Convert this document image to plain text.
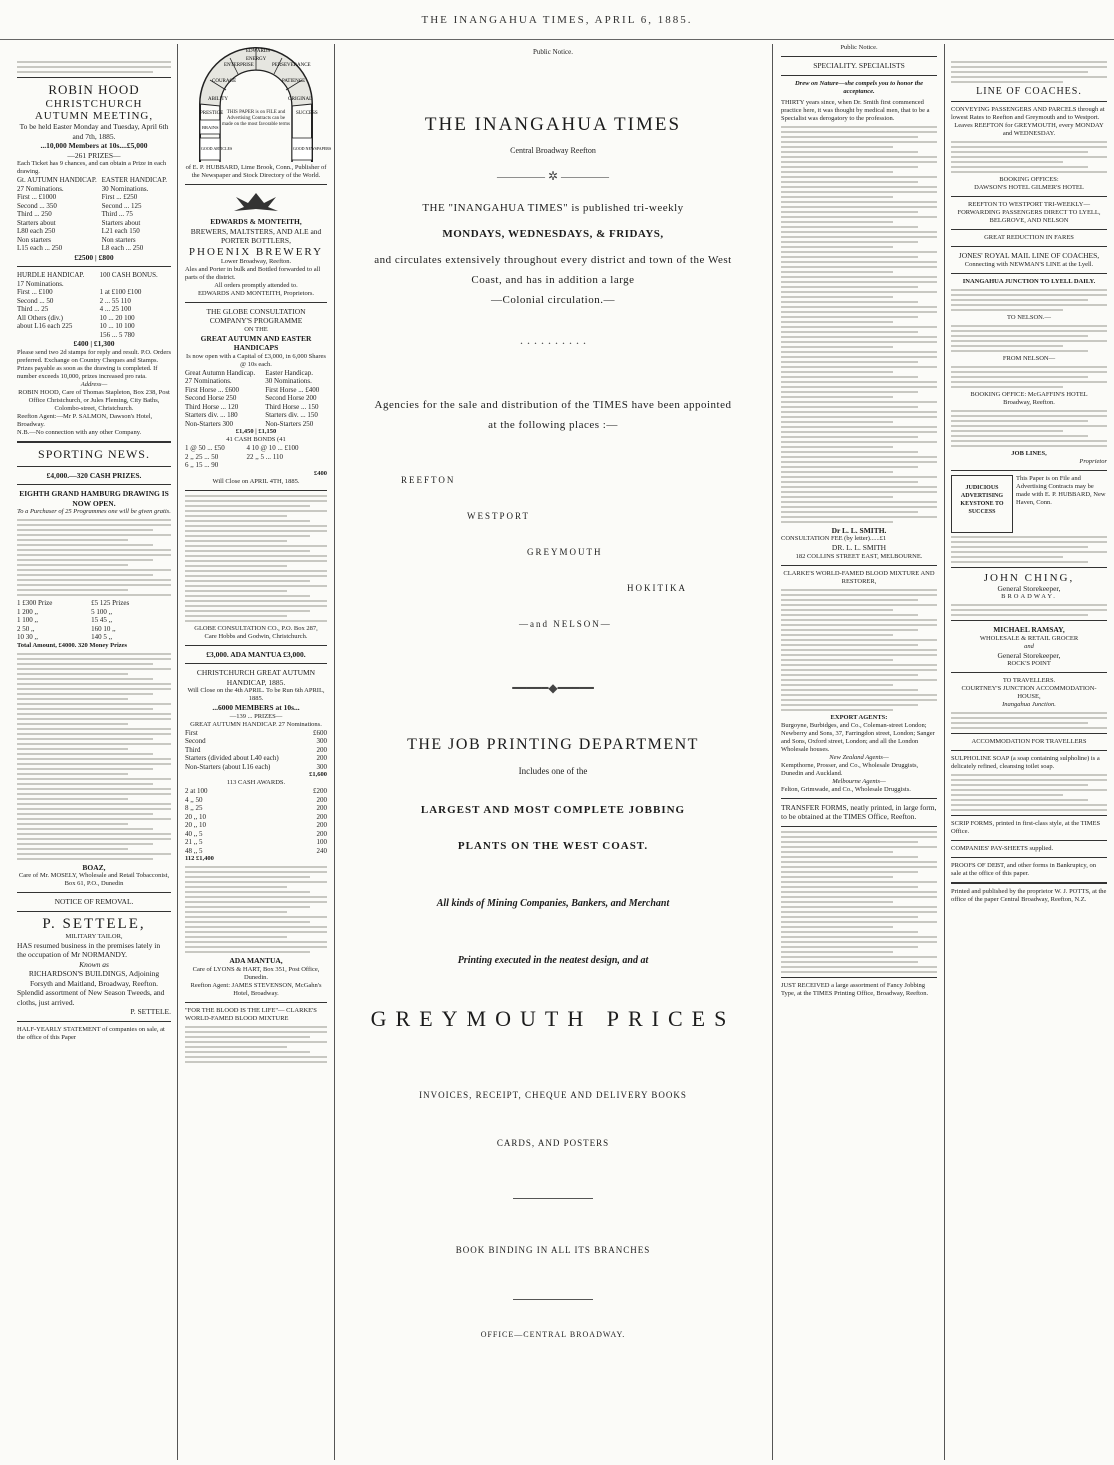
THE INANGAHUA TIMES, APRIL 6, 1885.
ROBIN HOOD
CHRISTCHURCH AUTUMN MEETING,
To be held Easter Monday and Tuesday, April 6th and 7th, 1885.
...10,000 Members at 10s....£5,000
—261 PRIZES—
Each Ticket has 9 chances, and can obtain a Prize in each drawing.
Gt. AUTUMN HANDICAP.	EASTER HANDICAP.
27 Nominations.	30 Nominations.
First ... £1000	First ... £250
Second ... 350	Second ... 125
Third ... 250	Third ... 75
Starters about	Starters about
L80 each 250	L21 each 150
Non starters	Non starters
L15 each ... 250	L8 each ... 250
£2500 | £800
HURDLE HANDICAP.	100 CASH BONUS.
17 Nominations.	
First ... £100	1 at £100 £100
Second ... 50	2 ... 55 110
Third ... 25	4 ... 25 100
All Others (div.)	10 ... 20 100
about L16 each 225	10 ... 10 100
	156 ... 5 780
£400 | £1,300
Please send two 2d stamps for reply and result. P.O. Orders preferred. Exchange on Country Cheques and Stamps. Prizes payable as soon as the drawing is completed. If number exceeds 10,000, prizes increased pro rata.
Address—
ROBIN HOOD, Care of Thomas Stapleton, Box 238, Post Office Christchurch, or Jules Fleming, City Baths, Colombo-street, Christchurch.
Reefton Agent:—Mr P. SALMON, Dawson's Hotel, Broadway.
N.B.—No connection with any other Company.
SPORTING NEWS.
£4,000.—320 CASH PRIZES.
EIGHTH GRAND HAMBURG DRAWING IS NOW OPEN.
To a Purchaser of 25 Programmes one will be given gratis.
1 £300 Prize	£5 125 Prizes
1 200 ,,	5 100 ,,
1 100 ,,	15 45 ,,
2 50 ,,	160 10 ,,
10 30 ,,	140 5 ,,
Total Amount, £4000. 320 Money Prizes
BOAZ,
Care of Mr. MOSELY, Wholesale and Retail Tobacconist, Box 61, P.O., Dunedin
NOTICE OF REMOVAL.
P. SETTELE,
MILITARY TAILOR,
HAS resumed business in the premises lately in the occupation of Mr NORMANDY.
Known as
RICHARDSON'S BUILDINGS, Adjoining Forsyth and Maitland, Broadway, Reefton.
Splendid assortment of New Season Tweeds, and cloths, just arrived.
P. SETTELE.
HALF-YEARLY STATEMENT of companies on sale, at the office of this Paper
ABILITY
COURAGE
ENTERPRISE
ENERGY
EDWARDS
PERSEVERANCE
PATIENCE
ORIGINAL
PRESTIGE	SUCCESS
BRAINS
GOOD ARTICLES	GOOD NEWSPAPERS
THIS PAPER is on FILE and Advertising Contracts can be made on the most favorable terms
of E. P. HUBBARD, Lime Brook, Conn., Publisher of the Newspaper and Stock Directory of the World.
EDWARDS & MONTEITH,
BREWERS, MALTSTERS, AND ALE and PORTER BOTTLERS,
PHOENIX BREWERY
Lower Broadway, Reefton.
Ales and Porter in bulk and Bottled forwarded to all parts of the district.
All orders promptly attended to.
EDWARDS AND MONTEITH, Proprietors.
THE GLOBE CONSULTATION COMPANY'S PROGRAMME
ON THE
GREAT AUTUMN AND EASTER HANDICAPS
Is now open with a Capital of £3,000, in 6,000 Shares @ 10s each.
Great Autumn Handicap.	Easter Handicap.
27 Nominations.	30 Nominations.
First Horse ... £600	First Horse ... £400
Second Horse 250	Second Horse 200
Third Horse ... 120	Third Horse ... 150
Starters div. ... 180	Starters div. ... 150
Non-Starters 300	Non-Starters 250
£1,450 | £1,150
41 CASH BONDS (41
1 @ 50 ... £50	4 10 @ 10 ... £100
2 ,, 25 ... 50	22 ,, 5 ... 110
6 ,, 15 ... 90	
£400
Will Close on APRIL 4TH, 1885.
GLOBE CONSULTATION CO., P.O. Box 287,
Care Hobbs and Godwin, Christchurch.
£3,000. ADA MANTUA £3,000.
CHRISTCHURCH GREAT AUTUMN HANDICAP, 1885.
Will Close on the 4th APRIL. To be Run 6th APRIL, 1885.
...6000 MEMBERS at 10s...
—139 ... PRIZES—
GREAT AUTUMN HANDICAP. 27 Nominations.
First	£600
Second	300
Third	200
Starters (divided about L40 each)	200
Non-Starters (about L16 each)	300
£1,600
113 CASH AWARDS.
2 at 100	£200
4 ,, 50	200
8 ,, 25	200
20 ,, 10	200
20 ,, 10	200
40 ,, 5	200
21 ,, 5	100
48 ,, 5	240
112 £1,400
ADA MANTUA,
Care of LYONS & HART, Box 351, Post Office, Dunedin.
Reefton Agent: JAMES STEVENSON, McGahn's Hotel, Broadway.
"FOR THE BLOOD IS THE LIFE"— CLARKE'S WORLD-FAMED BLOOD MIXTURE
Public Notice.
THE INANGAHUA TIMES
Central Broadway Reefton
———— ✲ ————
THE "INANGAHUA TIMES" is published tri-weekly
MONDAYS, WEDNESDAYS, & FRIDAYS,
and circulates extensively throughout every district and town of the West Coast, and has in addition a large
—Colonial circulation.—
· · · · · · · · · ·
Agencies for the sale and distribution of the TIMES have been appointed at the following places :—
REEFTON
WESTPORT
GREYMOUTH
HOKITIKA
—and NELSON—
━━━━━◆━━━━━
THE JOB PRINTING DEPARTMENT
Includes one of the
LARGEST AND MOST COMPLETE JOBBING
PLANTS ON THE WEST COAST.
All kinds of Mining Companies, Bankers, and Merchant
Printing executed in the neatest design, and at
GREYMOUTH PRICES
INVOICES, RECEIPT, CHEQUE AND DELIVERY BOOKS
CARDS, AND POSTERS
BOOK BINDING IN ALL ITS BRANCHES
OFFICE—CENTRAL BROADWAY.
Public Notice.
SPECIALITY. SPECIALISTS
Drew on Nature—she compels you to honor the acceptance.
THIRTY years since, when Dr. Smith first commenced practice here, it was thought by medical men, that to be a Specialist was derogatory to the profession.
Dr L. L. SMITH.
CONSULTATION FEE (by letter)......£1
DR. L. L. SMITH
182 COLLINS STREET EAST, MELBOURNE.
CLARKE'S WORLD-FAMED BLOOD MIXTURE AND RESTORER,
EXPORT AGENTS:
Burgoyne, Burbidges, and Co., Coleman-street London; Newberry and Sons, 37, Farringdon street, London; Sanger and Sons, Oxford street, London; and all the London Wholesale houses.
New Zealand Agents—
Kempthorne, Prosser, and Co., Wholesale Druggists, Dunedin and Auckland.
Melbourne Agents—
Felton, Grimwade, and Co., Wholesale Druggists.
TRANSFER FORMS, neatly printed, in large form, to be obtained at the TIMES Office, Reefton.
JUST RECEIVED a large assortment of Fancy Jobbing Type, at the TIMES Printing Office, Broadway, Reefton.
LINE OF COACHES.
CONVEYING PASSENGERS AND PARCELS through at lowest Rates to Reefton and Greymouth and to Westport.
Leaves REEFTON for GREYMOUTH, every MONDAY and WEDNESDAY.
BOOKING OFFICES:
DAWSON'S HOTEL GILMER'S HOTEL
REEFTON TO WESTPORT TRI-WEEKLY—FORWARDING PASSENGERS DIRECT TO LYELL, BELGROVE, AND NELSON
GREAT REDUCTION IN FARES
JONES' ROYAL MAIL LINE OF COACHES,
Connecting with NEWMAN'S LINE at the Lyell.
INANGAHUA JUNCTION TO LYELL DAILY.
TO NELSON.—
FROM NELSON—
BOOKING OFFICE: McGAFFIN'S HOTEL
Broadway, Reefton.
JOB LINES,
Proprietor
JUDICIOUS ADVERTISING KEYSTONE TO SUCCESS
This Paper is on File and Advertising Contracts may be made with E. P. HUBBARD, New Haven, Conn.
JOHN CHING,
General Storekeeper,
BROADWAY.
MICHAEL RAMSAY,
WHOLESALE & RETAIL GROCER
and
General Storekeeper,
ROCK'S POINT
TO TRAVELLERS.
COURTNEY'S JUNCTION ACCOMMODATION-HOUSE,
Inangahua Junction.
ACCOMMODATION FOR TRAVELLERS
SULPHOLINE SOAP (a soap containing sulpholine) is a delicately refined, cleansing toilet soap.
SCRIP FORMS, printed in first-class style, at the TIMES Office.
COMPANIES' PAY-SHEETS supplied.
PROOFS OF DEBT, and other forms in Bankruptcy, on sale at the office of this paper.
Printed and published by the proprietor W. J. POTTS, at the office of the paper Central Broadway, Reefton, N.Z.
